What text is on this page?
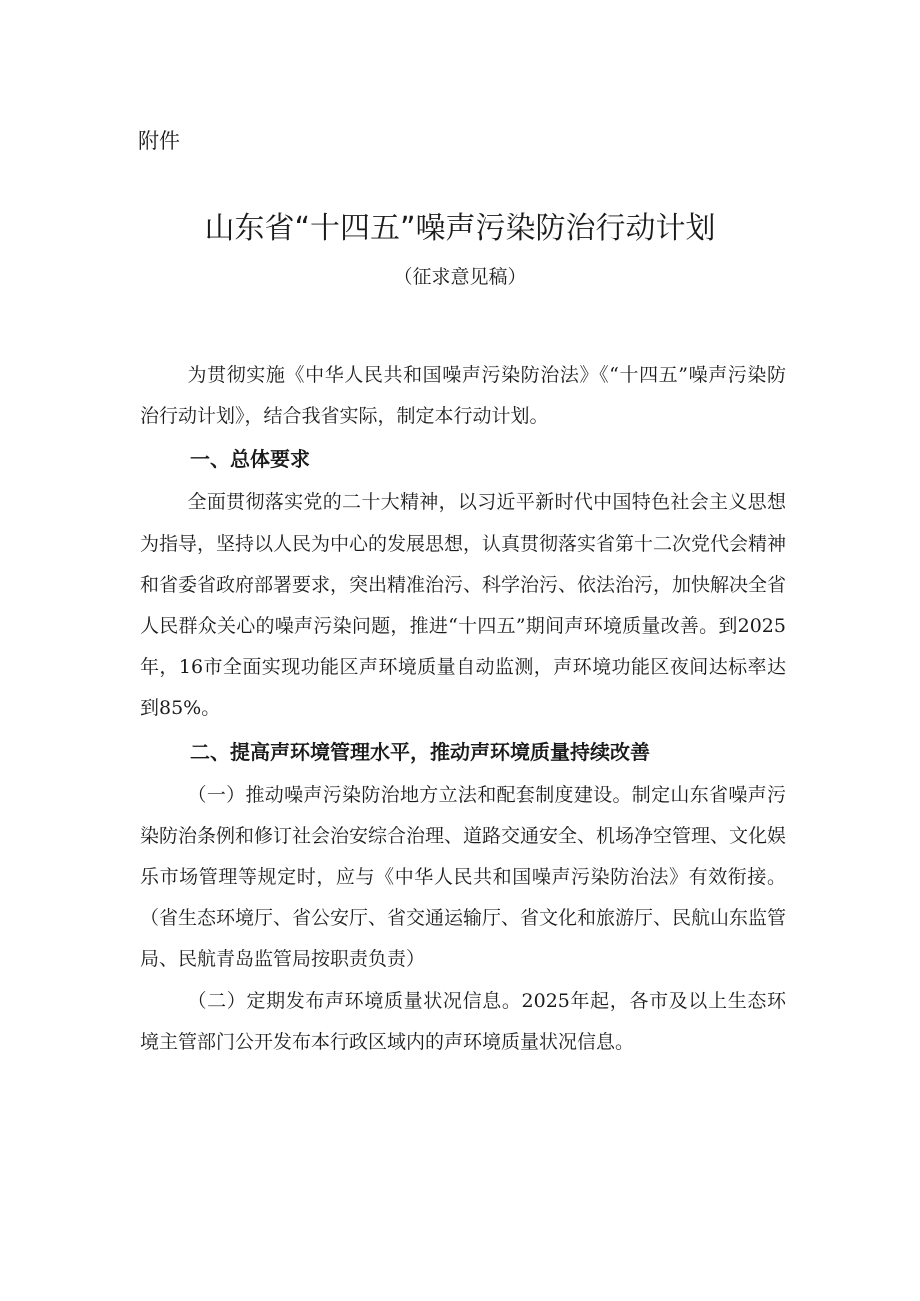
附件
山东省“十四五”噪声污染防治行动计划
（征求意见稿）

为贯彻实施《中华人民共和国噪声污染防治法》《“十四五”噪声污染防治行动计划》，结合我省实际，制定本行动计划。

一、总体要求

全面贯彻落实党的二十大精神，以习近平新时代中国特色社会主义思想为指导，坚持以人民为中心的发展思想，认真贯彻落实省第十二次党代会精神和省委省政府部署要求，突出精准治污、科学治污、依法治污，加快解决全省人民群众关心的噪声污染问题，推进“十四五”期间声环境质量改善。到2025年，16市全面实现功能区声环境质量自动监测，声环境功能区夜间达标率达到85%。

二、提高声环境管理水平，推动声环境质量持续改善

（一）推动噪声污染防治地方立法和配套制度建设。制定山东省噪声污染防治条例和修订社会治安综合治理、道路交通安全、机场净空管理、文化娱乐市场管理等规定时，应与《中华人民共和国噪声污染防治法》有效衔接。（省生态环境厅、省公安厅、省交通运输厅、省文化和旅游厅、民航山东监管局、民航青岛监管局按职责负责）

（二）定期发布声环境质量状况信息。2025年起，各市及以上生态环境主管部门公开发布本行政区域内的声环境质量状况信息。
